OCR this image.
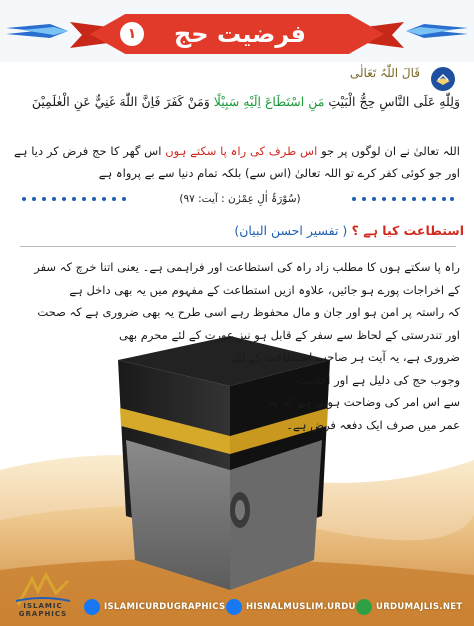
۱	فرضیت حج
قَالَ اللّٰہُ تَعَالٰی
وَلِلّٰهِ عَلَى النَّاسِ حِجُّ الْبَيْتِ مَنِ اسْتَطَاعَ اِلَيْهِ سَبِيْلًا وَمَنْ كَفَرَ فَاِنَّ اللّٰهَ غَنِيٌّ عَنِ الْعٰلَمِيْنَ
اللہ تعالیٰ نے ان لوگوں پر جو اس طرف کی راہ پا سکتے ہوں اس گھر کا حج فرض کر دیا ہے اور جو کوئی کفر کرے تو اللہ تعالیٰ (اس سے) بلکہ تمام دنیا سے بے پرواہ ہے
(سُوْرَۃُ اٰلِ عِمْرٰن : آیت: ۹۷)
استطاعت کیا ہے ؟ ( تفسیر احسن البیان)
راہ پا سکتے ہوں کا مطلب زاد راہ کی استطاعت اور فراہمی ہے۔ یعنی اتنا خرچ کہ سفر
کے اخراجات پورے ہو جائیں، علاوہ ازیں استطاعت کے مفہوم میں یہ بھی داخل ہے
کہ راستہ پر امن ہو اور جان و مال محفوظ رہے اسی طرح یہ بھی ضروری ہے کہ صحت
اور تندرستی کے لحاظ سے سفر کے قابل ہو نیز عورت کے لئے محرم بھی
ضروری ہے، یہ آیت ہر صاحب استطاعت کے لئے
وجوب حج کی دلیل ہے اور احادیث
سے اس امر کی وضاحت ہوتی ہے کہ یہ
عمر میں صرف ایک دفعہ فرض ہے۔
ISLAMIC GRAPHICS
ISLAMICURDUGRAPHICS HISNALMUSLIM.URDU URDUMAJLIS.NET
